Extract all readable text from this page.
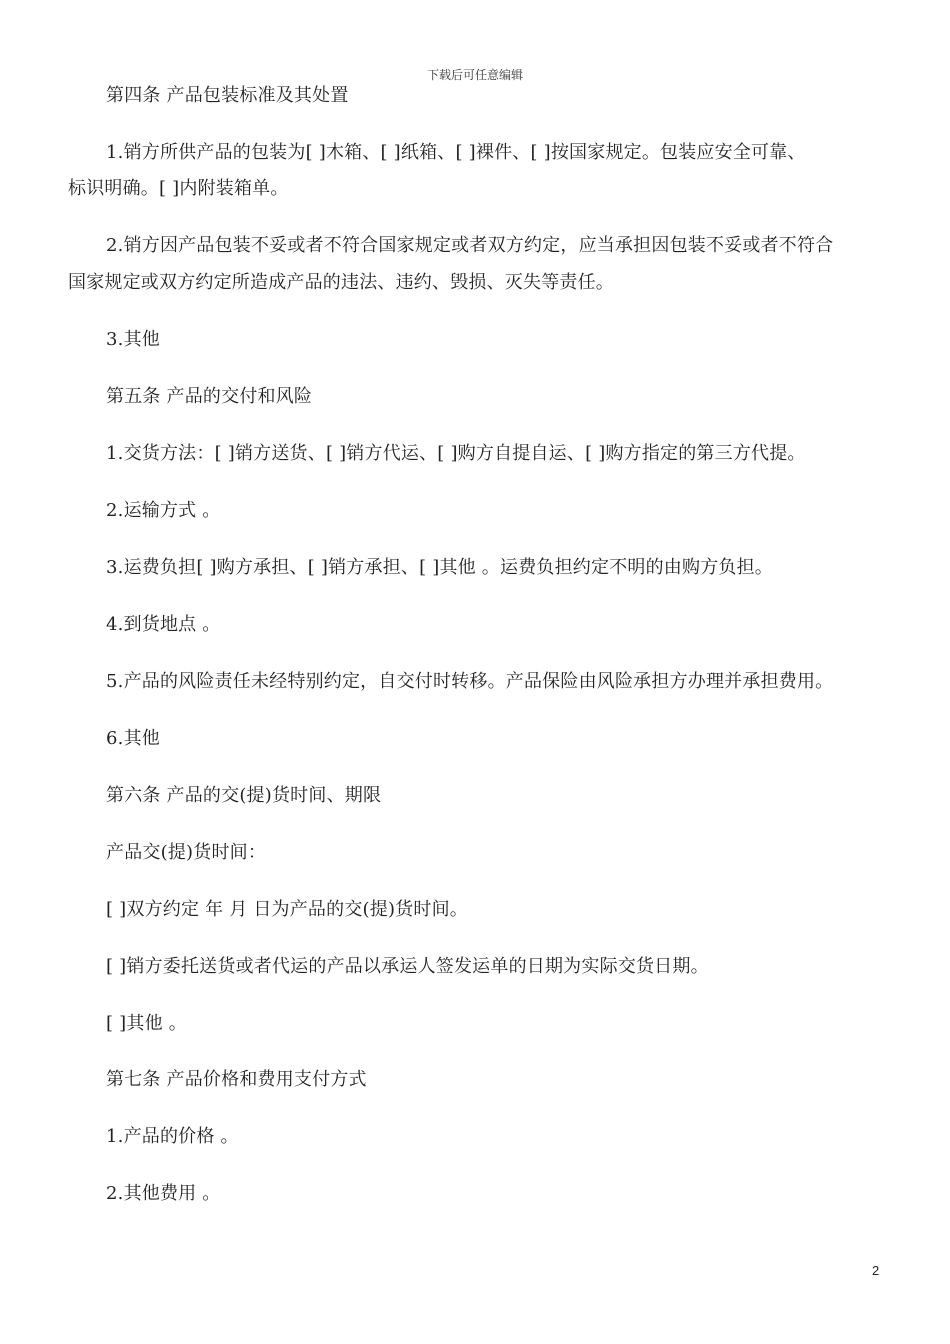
下载后可任意编辑
第四条 产品包装标准及其处置
1.销方所供产品的包装为[ ]木箱、[ ]纸箱、[ ]裸件、[ ]按国家规定。包装应安全可靠、
标识明确。[ ]内附装箱单。
2.销方因产品包装不妥或者不符合国家规定或者双方约定，应当承担因包装不妥或者不符合
国家规定或双方约定所造成产品的违法、违约、毁损、灭失等责任。
3.其他
第五条 产品的交付和风险
1.交货方法：[ ]销方送货、[ ]销方代运、[ ]购方自提自运、[ ]购方指定的第三方代提。
2.运输方式 。
3.运费负担[ ]购方承担、[ ]销方承担、[ ]其他 。运费负担约定不明的由购方负担。
4.到货地点 。
5.产品的风险责任未经特别约定，自交付时转移。产品保险由风险承担方办理并承担费用。
6.其他
第六条 产品的交(提)货时间、期限
产品交(提)货时间：
[ ]双方约定 年 月 日为产品的交(提)货时间。
[ ]销方委托送货或者代运的产品以承运人签发运单的日期为实际交货日期。
[ ]其他 。
第七条 产品价格和费用支付方式
1.产品的价格 。
2.其他费用 。
2
